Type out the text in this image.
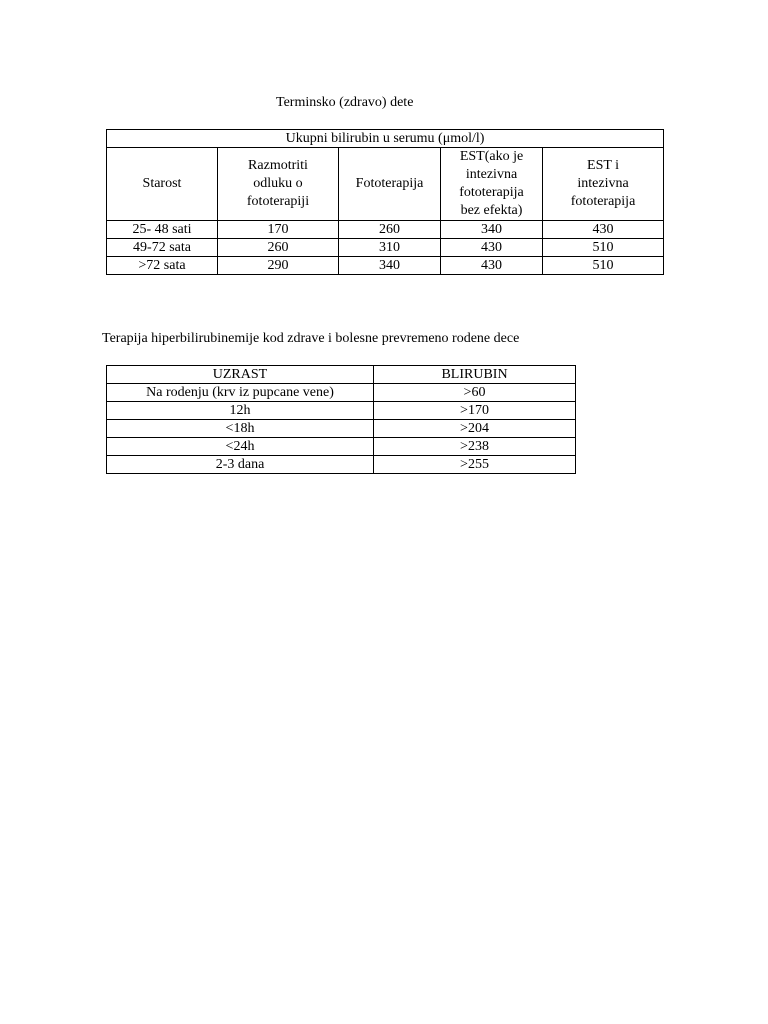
Terminsko (zdravo) dete
Ukupni bilirubin u serumu (μmol/l)				

Starost	Razmotriti
odluku o
fototerapiji	Fototerapija	EST(ako je
intezivna
fototerapija
bez efekta)	EST i
intezivna
fototerapija

25- 48 sati	170	260	340	430
49-72 sata	260	310	430	510
>72 sata	290	340	430	510
Terapija hiperbilirubinemije kod zdrave i bolesne prevremeno rodene dece
UZRAST	BLIRUBIN
Na rodenju (krv iz pupcane vene)	>60
12h	>170
<18h	>204
<24h	>238
2-3 dana	>255
